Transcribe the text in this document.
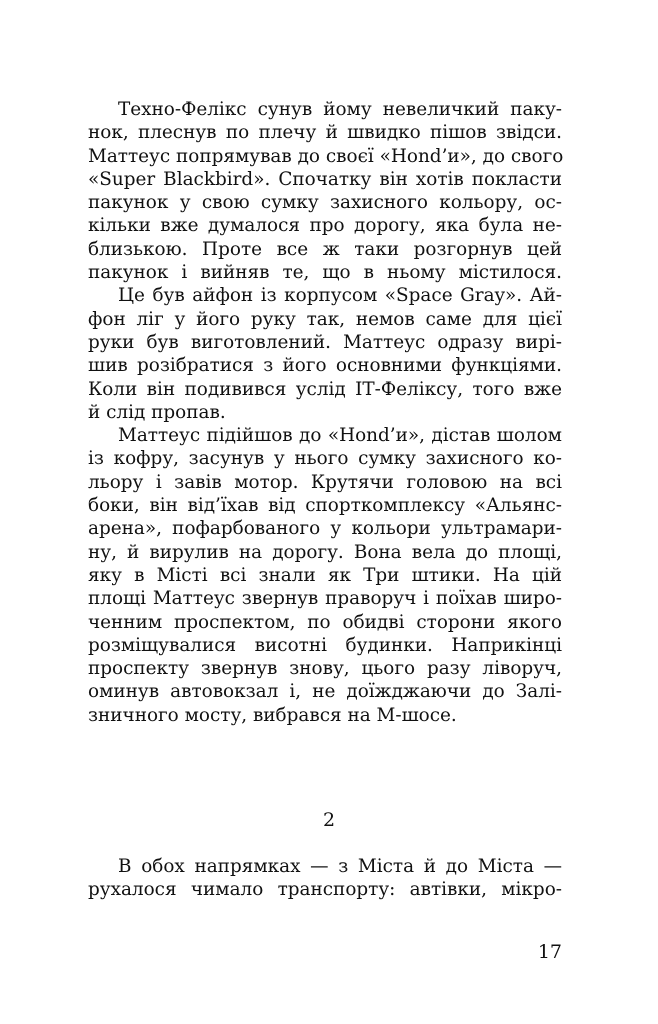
Техно-Фелікс сунув йому невеличкий паку-
нок, плеснув по плечу й швидко пішов звідси.
Маттеус попрямував до своєї «Hond’и», до свого
«Super Blackbird». Спочатку він хотів покласти
пакунок у свою сумку захисного кольору, ос-
кільки вже думалося про дорогу, яка була не-
близькою. Проте все ж таки розгорнув цей
пакунок і вийняв те, що в ньому містилося.
Це був айфон із корпусом «Space Gray». Ай-
фон ліг у його руку так, немов саме для цієї
руки був виготовлений. Маттеус одразу вирі-
шив розібратися з його основними функціями.
Коли він подивився услід ІТ-Феліксу, того вже
й слід пропав.
Маттеус підійшов до «Hond’и», дістав шолом
із кофру, засунув у нього сумку захисного ко-
льору і завів мотор. Крутячи головою на всі
боки, він від’їхав від спорткомплексу «Альянс-
арена», пофарбованого у кольори ультрамари-
ну, й вирулив на дорогу. Вона вела до площі,
яку в Місті всі знали як Три штики. На цій
площі Маттеус звернув праворуч і поїхав широ-
ченним проспектом, по обидві сторони якого
розміщувалися висотні будинки. Наприкінці
проспекту звернув знову, цього разу ліворуч,
оминув автовокзал і, не доїжджаючи до Залі-
зничного мосту, вибрався на М-шосе.
2
В обох напрямках — з Міста й до Міста —
рухалося чимало транспорту: автівки, мікро-
17
